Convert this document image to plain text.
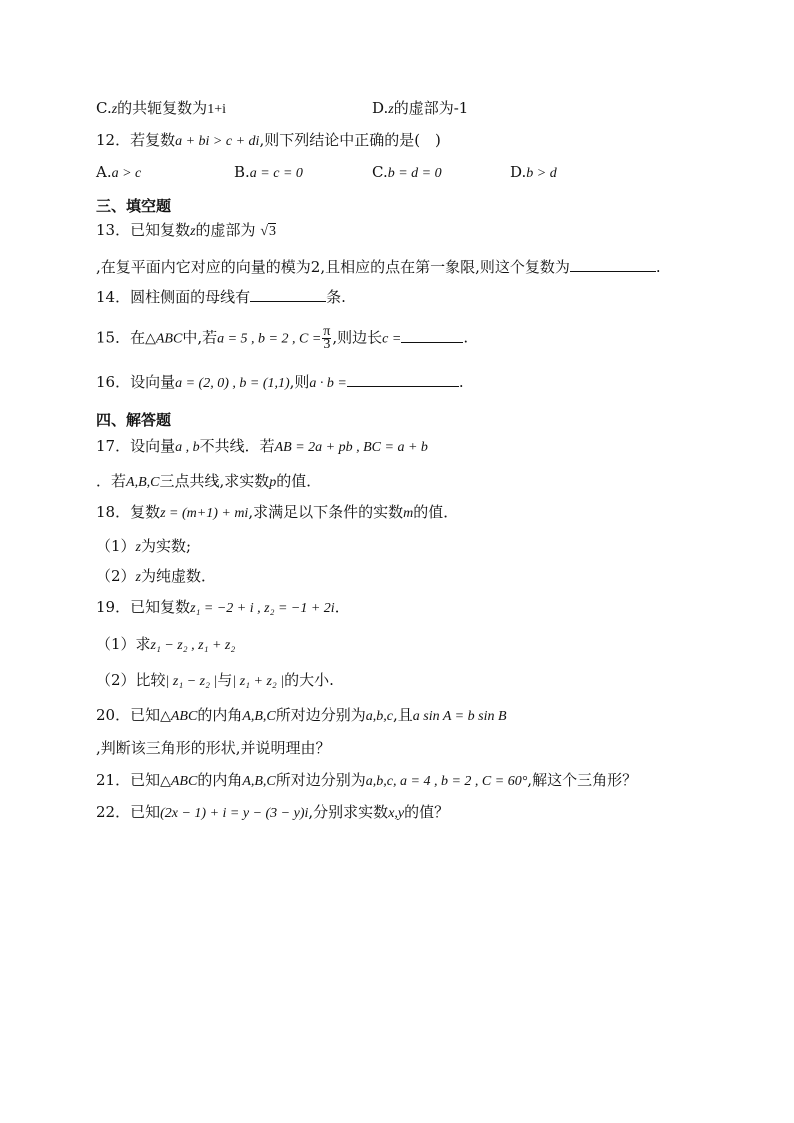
C.z的共轭复数为1+i	D.z的虚部为-1
12．若复数a + bi > c + di,则下列结论中正确的是(　)
A.a > c	B.a = c = 0	C.b = d = 0	D.b > d
三、填空题
13．已知复数z的虚部为 √3
,在复平面内它对应的向量的模为2,且相应的点在第一象限,则这个复数为	.
14．圆柱侧面的母线有	条.
15．在△ABC中,若a = 5 , b = 2 , $C = \frac{\pi}{3}$ ,则边长c =	.
16．设向量a = (2, 0) , b = (1,1),则a · b =	.
四、解答题
17．设向量a , b不共线．若AB = 2a + pb , BC = a + b
．若A,B,C三点共线,求实数p的值．
18．复数z = (m+1) + mi,求满足以下条件的实数m的值．
（1）z为实数;
（2）z为纯虚数．
19．已知复数z₁ = −2 + i , z₂ = −1 + 2i．
（1）求z₁ − z₂ , z₁ + z₂
（2）比较| z₁ − z₂ |与| z₁ + z₂ |的大小.
20．已知△ABC的内角A,B,C所对边分别为a,b,c,且a sin A = b sin B
,判断该三角形的形状,并说明理由？
21．已知△ABC的内角A,B,C所对边分别为a,b,c, a = 4 , b = 2 , C = 60°,解这个三角形？
22．已知(2x − 1) + i = y − (3 − y)i,分别求实数x,y的值？
